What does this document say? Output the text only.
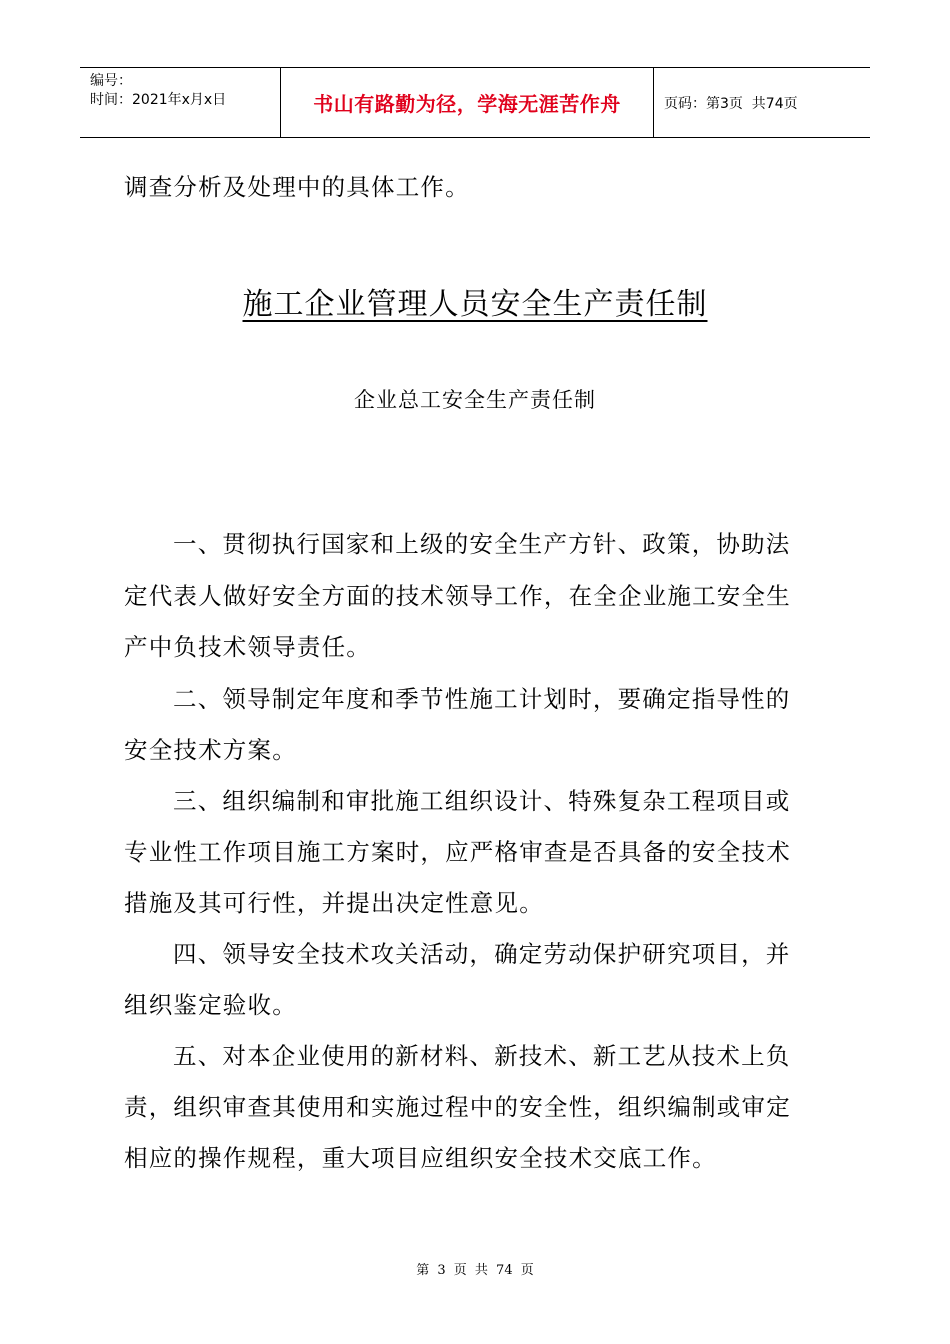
编号：
时间：2021年x月x日	书山有路勤为径，学海无涯苦作舟	页码：第3页  共74页
调查分析及处理中的具体工作。
施工企业管理人员安全生产责任制
企业总工安全生产责任制
一、贯彻执行国家和上级的安全生产方针、政策，协助法
定代表人做好安全方面的技术领导工作，在全企业施工安全生
产中负技术领导责任。
二、领导制定年度和季节性施工计划时，要确定指导性的
安全技术方案。
三、组织编制和审批施工组织设计、特殊复杂工程项目或
专业性工作项目施工方案时，应严格审查是否具备的安全技术
措施及其可行性，并提出决定性意见。
四、领导安全技术攻关活动，确定劳动保护研究项目，并
组织鉴定验收。
五、对本企业使用的新材料、新技术、新工艺从技术上负
责，组织审查其使用和实施过程中的安全性，组织编制或审定
相应的操作规程，重大项目应组织安全技术交底工作。
第 3 页 共 74 页
